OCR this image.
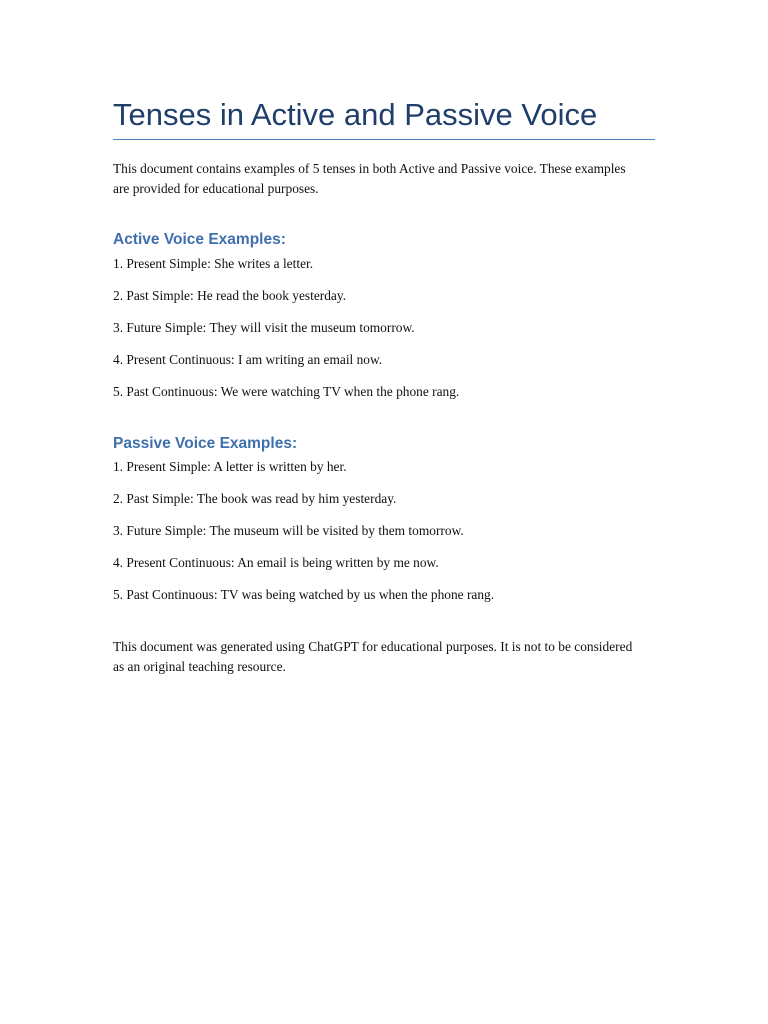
Tenses in Active and Passive Voice

This document contains examples of 5 tenses in both Active and Passive voice. These examples are provided for educational purposes.

Active Voice Examples:
1. Present Simple: She writes a letter.
2. Past Simple: He read the book yesterday.
3. Future Simple: They will visit the museum tomorrow.
4. Present Continuous: I am writing an email now.
5. Past Continuous: We were watching TV when the phone rang.
Passive Voice Examples:
1. Present Simple: A letter is written by her.
2. Past Simple: The book was read by him yesterday.
3. Future Simple: The museum will be visited by them tomorrow.
4. Present Continuous: An email is being written by me now.
5. Past Continuous: TV was being watched by us when the phone rang.

This document was generated using ChatGPT for educational purposes. It is not to be considered as an original teaching resource.
